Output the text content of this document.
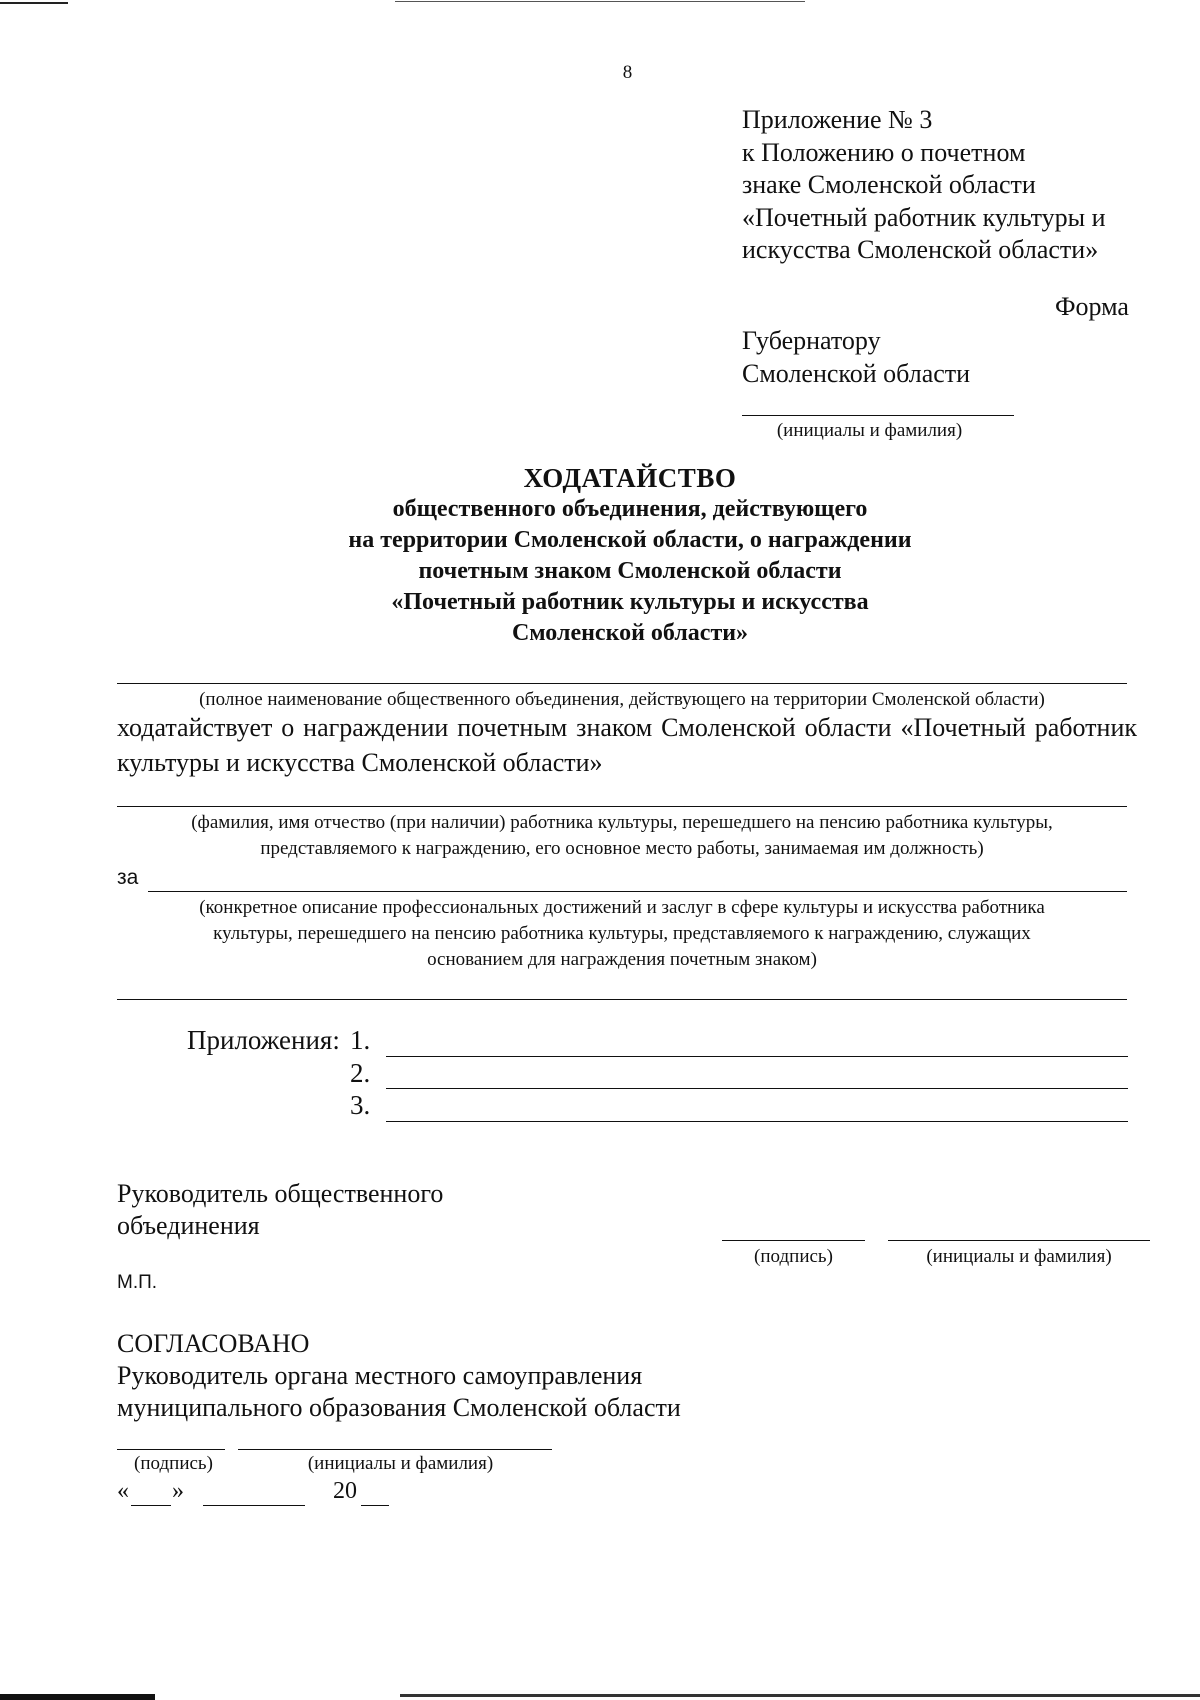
8
Приложение № 3
к Положению о почетном
знаке Смоленской области
«Почетный работник культуры и
искусства Смоленской области»
Форма
Губернатору
Смоленской области
(инициалы и фамилия)
ХОДАТАЙСТВО
общественного объединения, действующего
на территории Смоленской области, о награждении
почетным знаком Смоленской области
«Почетный работник культуры и искусства
Смоленской области»
(полное наименование общественного объединения, действующего на территории Смоленской области)
ходатайствует о награждении почетным знаком Смоленской области «Почетный работник культуры и искусства Смоленской области»
(фамилия, имя отчество (при наличии) работника культуры, перешедшего на пенсию работника культуры,
представляемого к награждению, его основное место работы, занимаемая им должность)
за
(конкретное описание профессиональных достижений и заслуг в сфере культуры и искусства работника
культуры, перешедшего на пенсию работника культуры, представляемого к награждению, служащих
основанием для награждения почетным знаком)
Приложения: 1.
2.
3.
Руководитель общественного
объединения
(подпись)	(инициалы и фамилия)
М.П.
СОГЛАСОВАНО
Руководитель органа местного самоуправления
муниципального образования Смоленской области
(подпись)	(инициалы и фамилия)
« »	20
